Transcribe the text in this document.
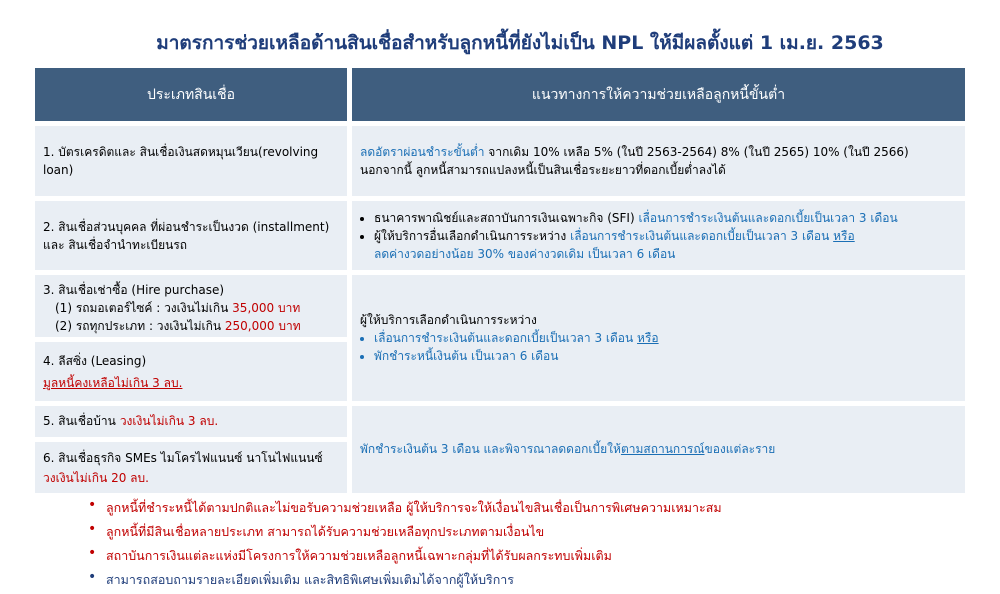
มาตรการช่วยเหลือด้านสินเชื่อสำหรับลูกหนี้ที่ยังไม่เป็น NPL ให้มีผลตั้งแต่ 1 เม.ย. 2563
ประเภทสินเชื่อ	แนวทางการให้ความช่วยเหลือลูกหนี้ขั้นต่ำ
1. บัตรเครดิตและ สินเชื่อเงินสดหมุนเวียน(revolving loan)
ลดอัตราผ่อนชำระขั้นต่ำ จากเดิม 10% เหลือ 5% (ในปี 2563-2564) 8% (ในปี 2565) 10% (ในปี 2566)
นอกจากนี้ ลูกหนี้สามารถแปลงหนี้เป็นสินเชื่อระยะยาวที่ดอกเบี้ยต่ำลงได้
2. สินเชื่อส่วนบุคคล ที่ผ่อนชำระเป็นงวด (installment) และ สินเชื่อจำนำทะเบียนรถ
• ธนาคารพาณิชย์และสถาบันการเงินเฉพาะกิจ (SFI) เลื่อนการชำระเงินต้นและดอกเบี้ยเป็นเวลา 3 เดือน
• ผู้ให้บริการอื่นเลือกดำเนินการระหว่าง เลื่อนการชำระเงินต้นและดอกเบี้ยเป็นเวลา 3 เดือน หรือ
ลดค่างวดอย่างน้อย 30% ของค่างวดเดิม เป็นเวลา 6 เดือน
3. สินเชื่อเช่าซื้อ (Hire purchase)
(1) รถมอเตอร์ไซค์ : วงเงินไม่เกิน 35,000 บาท
(2) รถทุกประเภท : วงเงินไม่เกิน 250,000 บาท
4. ลีสซิ่ง (Leasing)
มูลหนี้คงเหลือไม่เกิน 3 ลบ.
ผู้ให้บริการเลือกดำเนินการระหว่าง
• เลื่อนการชำระเงินต้นและดอกเบี้ยเป็นเวลา 3 เดือน หรือ
• พักชำระหนี้เงินต้น เป็นเวลา 6 เดือน
5. สินเชื่อบ้าน วงเงินไม่เกิน 3 ลบ.
6. สินเชื่อธุรกิจ SMEs ไมโครไฟแนนซ์ นาโนไฟแนนซ์
วงเงินไม่เกิน 20 ลบ.
พักชำระเงินต้น 3 เดือน และพิจารณาลดดอกเบี้ยให้ตามสถานการณ์ของแต่ละราย
• ลูกหนี้ที่ชำระหนี้ได้ตามปกติและไม่ขอรับความช่วยเหลือ ผู้ให้บริการจะให้เงื่อนไขสินเชื่อเป็นการพิเศษความเหมาะสม
• ลูกหนี้ที่มีสินเชื่อหลายประเภท สามารถได้รับความช่วยเหลือทุกประเภทตามเงื่อนไข
• สถาบันการเงินแต่ละแห่งมีโครงการให้ความช่วยเหลือลูกหนี้เฉพาะกลุ่มที่ได้รับผลกระทบเพิ่มเติม
• สามารถสอบถามรายละเอียดเพิ่มเติม และสิทธิพิเศษเพิ่มเติมได้จากผู้ให้บริการ
